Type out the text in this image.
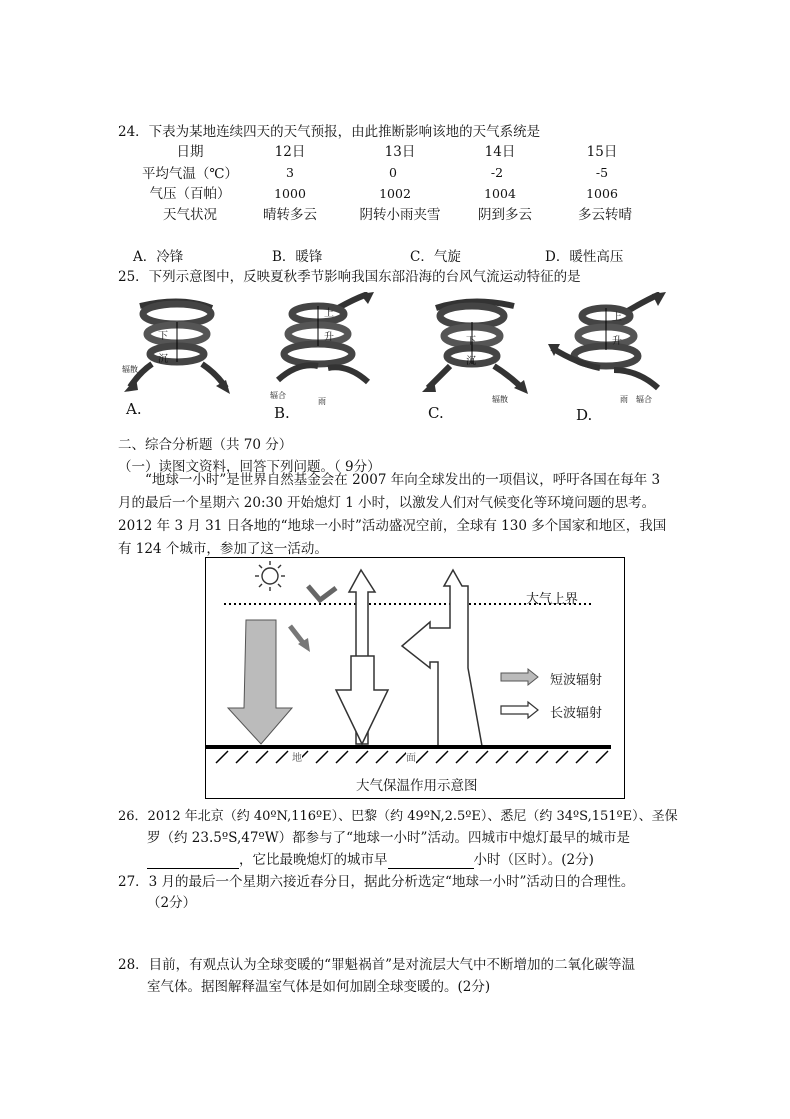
24．下表为某地连续四天的天气预报，由此推断影响该地的天气系统是
日期	12日	13日	14日	15日
平均气温（℃）	3	0	-2	-5
气压（百帕）	1000	1002	1004	1006
天气状况	晴转多云	阴转小雨夹雪	阴到多云	多云转晴
A．冷锋	B．暖锋	C．气旋	D．暖性高压
25．下列示意图中，反映夏秋季节影响我国东部沿海的台风气流运动特征的是
下
沉
辐散
A.
上
升
辐合
雨
B.
下
沉
辐散
C.
上
升
雨 辐合
D.
二、综合分析题（共 70 分）
（一）读图文资料，回答下列问题。（ 9分）
“地球一小时”是世界自然基金会在 2007 年向全球发出的一项倡议，呼吁各国在每年 3 月的最后一个星期六 20:30 开始熄灯 1 小时，以激发人们对气候变化等环境问题的思考。2012 年 3 月 31 日各地的“地球一小时”活动盛况空前，全球有 130 多个国家和地区，我国有 124 个城市，参加了这一活动。
大气上界
短波辐射
长波辐射
地	面
大气保温作用示意图
26．2012 年北京（约 40ºN,116ºE）、巴黎（约 49ºN,2.5ºE）、悉尼（约 34ºS,151ºE）、圣保
罗（约 23.5ºS,47ºW）都参与了“地球一小时”活动。四城市中熄灯最早的城市是
，它比最晚熄灯的城市早	小时（区时）。(2分)
27．3 月的最后一个星期六接近春分日，据此分析选定“地球一小时”活动日的合理性。
（2分）
28．目前，有观点认为全球变暖的“罪魁祸首”是对流层大气中不断增加的二氧化碳等温
室气体。据图解释温室气体是如何加剧全球变暖的。(2分)
